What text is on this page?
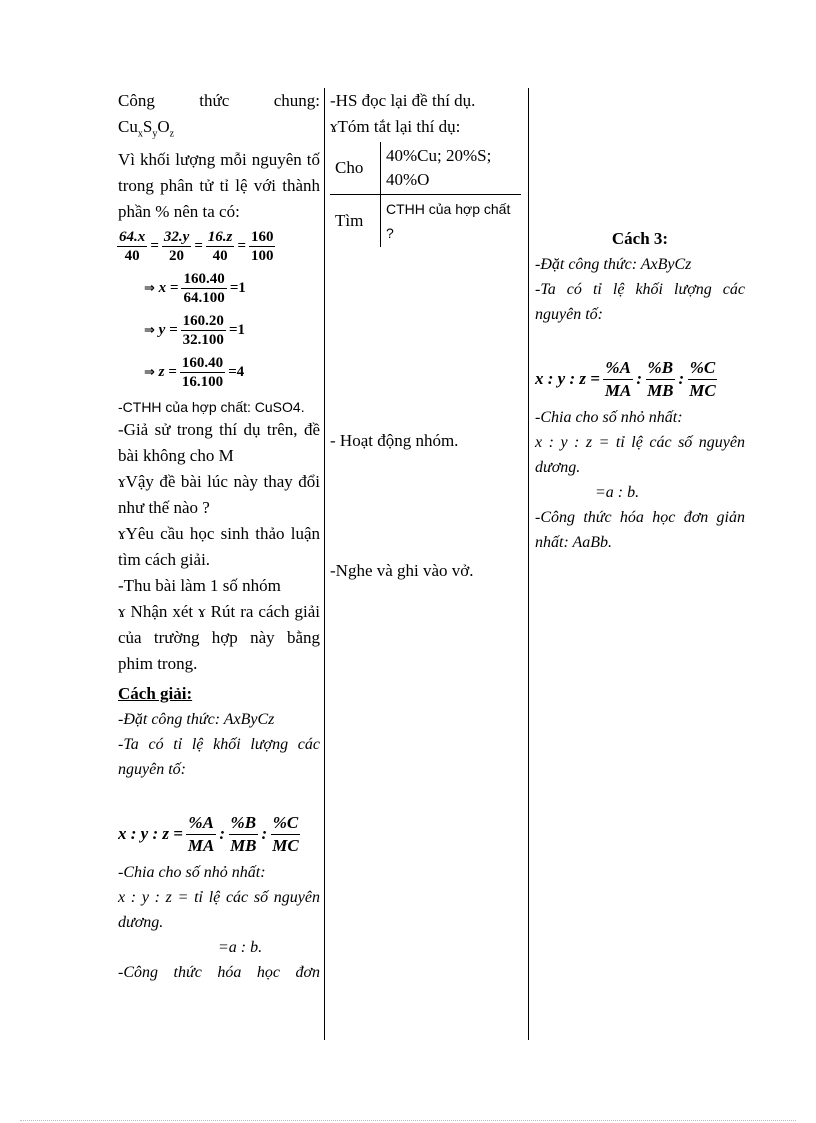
Công thức chung:

$Cu_xS_yO_z$

Vì khối lượng mỗi nguyên tố trong phân tử tỉ lệ với thành phần % nên ta có:

$\frac{64.x}{40} = \frac{32.y}{20} = \frac{16.z}{40} = \frac{160}{100}$
⇒
$x = \frac{160.40}{64.100} = 1$
⇒
$y = \frac{160.20}{32.100} = 1$
⇒
$z = \frac{160.40}{16.100} = 4$

-CTHH của hợp chất: CuSO4.

-Giả sử trong thí dụ trên, đề bài không cho M

ɤVậy đề bài lúc này thay đổi như thế nào ?

ɤYêu cầu học sinh thảo luận tìm cách giải.

-Thu bài làm 1 số nhóm

ɤ Nhận xét ɤ Rút ra cách giải của trường hợp này bằng phim trong.

Cách giải:

-Đặt công thức: AxByCz

-Ta có tỉ lệ khối lượng các nguyên tố:

x : y : $z = \frac{\%A}{MA}$ : $\frac{\%B}{MB}$ : $\frac{\%C}{MC}$

-Chia cho số nhỏ nhất:

x : y : z = tỉ lệ các số nguyên dương.

=a : b.

-Công thức hóa học đơn

-HS đọc lại đề thí dụ.

ɤTóm tắt lại thí dụ:

Cho	40%Cu; 20%S; 40%O
Tìm	CTHH của hợp chất ?

- Hoạt động nhóm.

-Nghe và ghi vào vở.

Cách 3:

-Đặt công thức: AxByCz

-Ta có tỉ lệ khối lượng các nguyên tố:

x : y : $z = \frac{\%A}{MA}$ : $\frac{\%B}{MB}$ : $\frac{\%C}{MC}$

-Chia cho số nhỏ nhất:

x : y : z = tỉ lệ các số nguyên dương.

=a : b.

-Công thức hóa học đơn giản nhất: AaBb.
